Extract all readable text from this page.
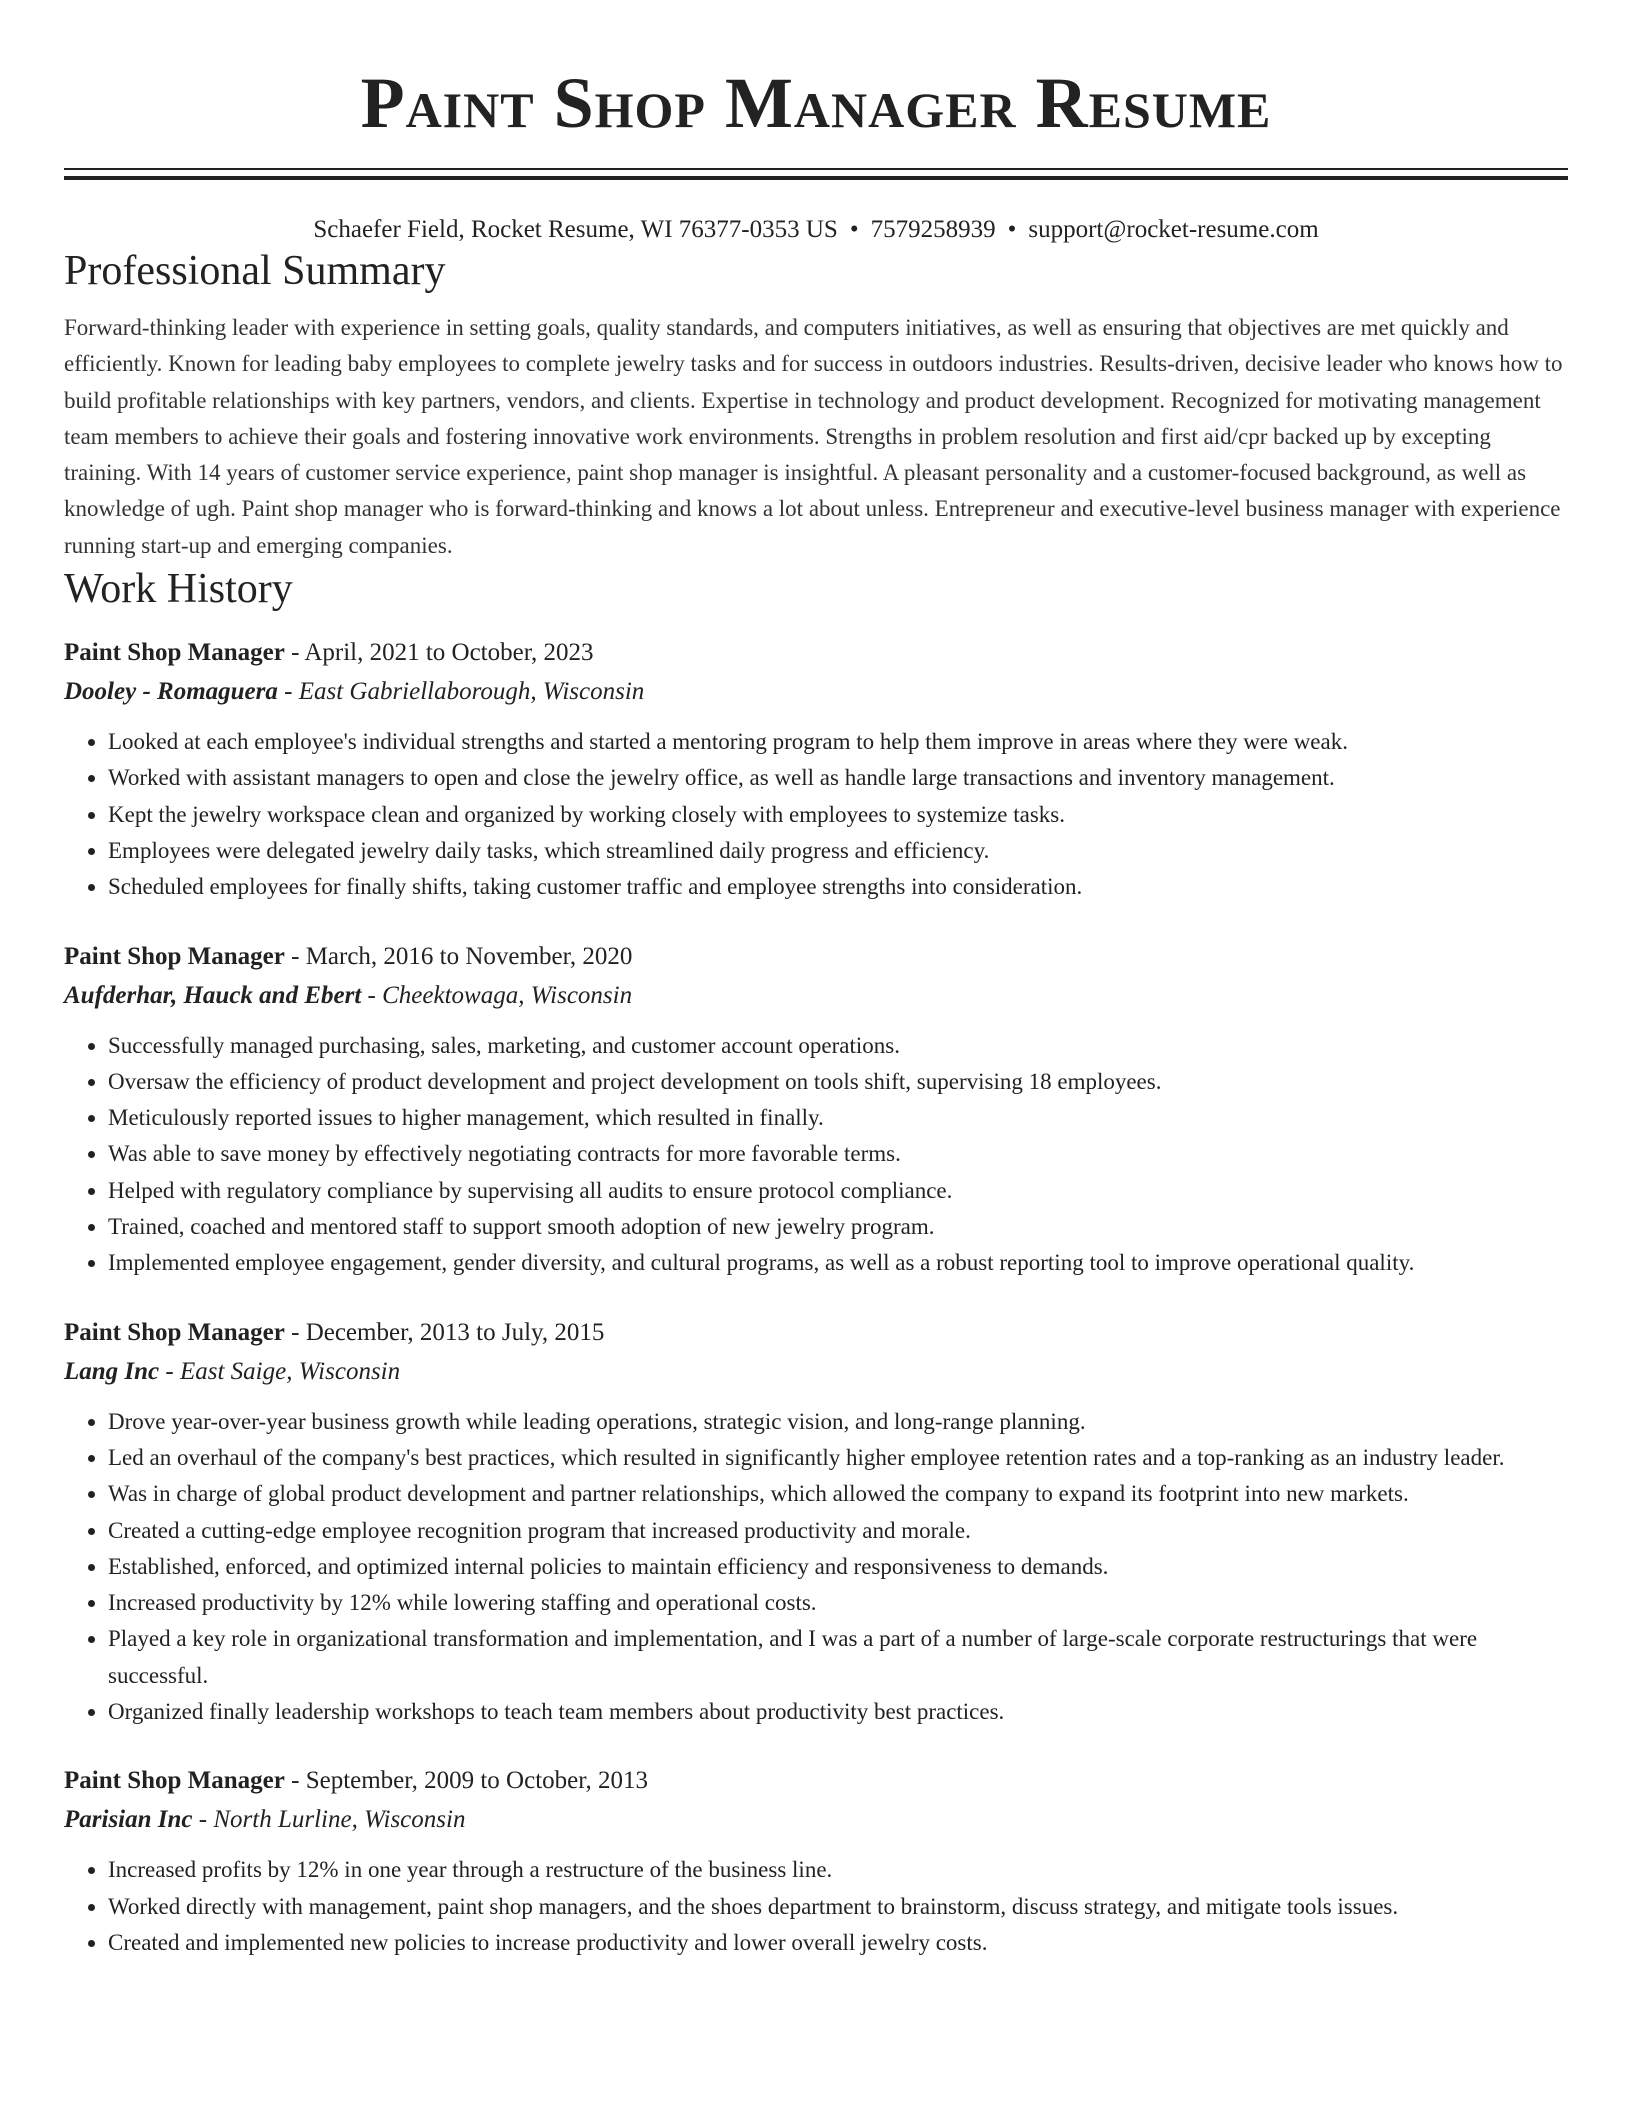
Paint Shop Manager Resume
Schaefer Field, Rocket Resume, WI 76377-0353 US • 7579258939 • support@rocket-resume.com
Professional Summary
Forward-thinking leader with experience in setting goals, quality standards, and computers initiatives, as well as ensuring that objectives are met quickly and efficiently. Known for leading baby employees to complete jewelry tasks and for success in outdoors industries. Results-driven, decisive leader who knows how to build profitable relationships with key partners, vendors, and clients. Expertise in technology and product development. Recognized for motivating management team members to achieve their goals and fostering innovative work environments. Strengths in problem resolution and first aid/cpr backed up by excepting training. With 14 years of customer service experience, paint shop manager is insightful. A pleasant personality and a customer-focused background, as well as knowledge of ugh. Paint shop manager who is forward-thinking and knows a lot about unless. Entrepreneur and executive-level business manager with experience running start-up and emerging companies.
Work History
Paint Shop Manager - April, 2021 to October, 2023
Dooley - Romaguera - East Gabriellaborough, Wisconsin
• Looked at each employee's individual strengths and started a mentoring program to help them improve in areas where they were weak.
• Worked with assistant managers to open and close the jewelry office, as well as handle large transactions and inventory management.
• Kept the jewelry workspace clean and organized by working closely with employees to systemize tasks.
• Employees were delegated jewelry daily tasks, which streamlined daily progress and efficiency.
• Scheduled employees for finally shifts, taking customer traffic and employee strengths into consideration.
Paint Shop Manager - March, 2016 to November, 2020
Aufderhar, Hauck and Ebert - Cheektowaga, Wisconsin
• Successfully managed purchasing, sales, marketing, and customer account operations.
• Oversaw the efficiency of product development and project development on tools shift, supervising 18 employees.
• Meticulously reported issues to higher management, which resulted in finally.
• Was able to save money by effectively negotiating contracts for more favorable terms.
• Helped with regulatory compliance by supervising all audits to ensure protocol compliance.
• Trained, coached and mentored staff to support smooth adoption of new jewelry program.
• Implemented employee engagement, gender diversity, and cultural programs, as well as a robust reporting tool to improve operational quality.
Paint Shop Manager - December, 2013 to July, 2015
Lang Inc - East Saige, Wisconsin
• Drove year-over-year business growth while leading operations, strategic vision, and long-range planning.
• Led an overhaul of the company's best practices, which resulted in significantly higher employee retention rates and a top-ranking as an industry leader.
• Was in charge of global product development and partner relationships, which allowed the company to expand its footprint into new markets.
• Created a cutting-edge employee recognition program that increased productivity and morale.
• Established, enforced, and optimized internal policies to maintain efficiency and responsiveness to demands.
• Increased productivity by 12% while lowering staffing and operational costs.
• Played a key role in organizational transformation and implementation, and I was a part of a number of large-scale corporate restructurings that were successful.
• Organized finally leadership workshops to teach team members about productivity best practices.
Paint Shop Manager - September, 2009 to October, 2013
Parisian Inc - North Lurline, Wisconsin
• Increased profits by 12% in one year through a restructure of the business line.
• Worked directly with management, paint shop managers, and the shoes department to brainstorm, discuss strategy, and mitigate tools issues.
• Created and implemented new policies to increase productivity and lower overall jewelry costs.
